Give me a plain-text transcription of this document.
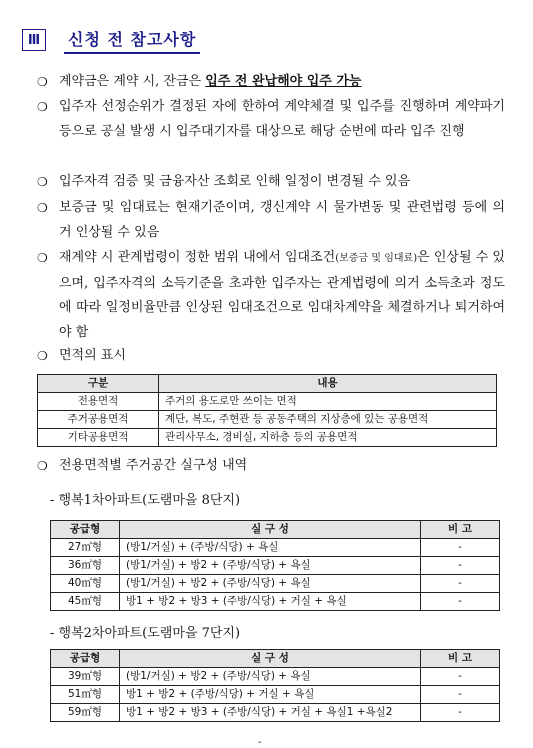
Ⅲ	신청 전 참고사항
❍ 계약금은 계약 시, 잔금은 입주 전 완납해야 입주 가능
❍ 입주자 선정순위가 결정된 자에 한하여 계약체결 및 입주를 진행하며 계약파기 등으로 공실 발생 시 입주대기자를 대상으로 해당 순번에 따라 입주 진행
❍ 입주자격 검증 및 금융자산 조회로 인해 일정이 변경될 수 있음
❍ 보증금 및 임대료는 현재기준이며, 갱신계약 시 물가변동 및 관련법령 등에 의거 인상될 수 있음
❍ 재계약 시 관계법령이 정한 범위 내에서 임대조건(보증금 및 임대료)은 인상될 수 있으며, 입주자격의 소득기준을 초과한 입주자는 관계법령에 의거 소득초과 정도에 따라 일정비율만큼 인상된 임대조건으로 임대차계약을 체결하거나 퇴거하여야 함
❍ 면적의 표시
구분	내용
전용면적	주거의 용도로만 쓰이는 면적
주거공용면적	계단, 복도, 주현관 등 공동주택의 지상층에 있는 공용면적
기타공용면적	관리사무소, 경비실, 지하층 등의 공용면적
❍ 전용면적별 주거공간 실구성 내역
- 행복1차아파트(도램마을 8단지)
공급형	실 구 성	비 고
27㎡형	(방1/거실) + (주방/식당) + 욕실	-
36㎡형	(방1/거실) + 방2 + (주방/식당) + 욕실	-
40㎡형	(방1/거실) + 방2 + (주방/식당) + 욕실	-
45㎡형	방1 + 방2 + 방3 + (주방/식당) + 거실 + 욕실	-
- 행복2차아파트(도램마을 7단지)
공급형	실 구 성	비 고
39㎡형	(방1/거실) + 방2 + (주방/식당) + 욕실	-
51㎡형	방1 + 방2 + (주방/식당) + 거실 + 욕실	-
59㎡형	방1 + 방2 + 방3 + (주방/식당) + 거실 + 욕실1 +욕실2	-
-
